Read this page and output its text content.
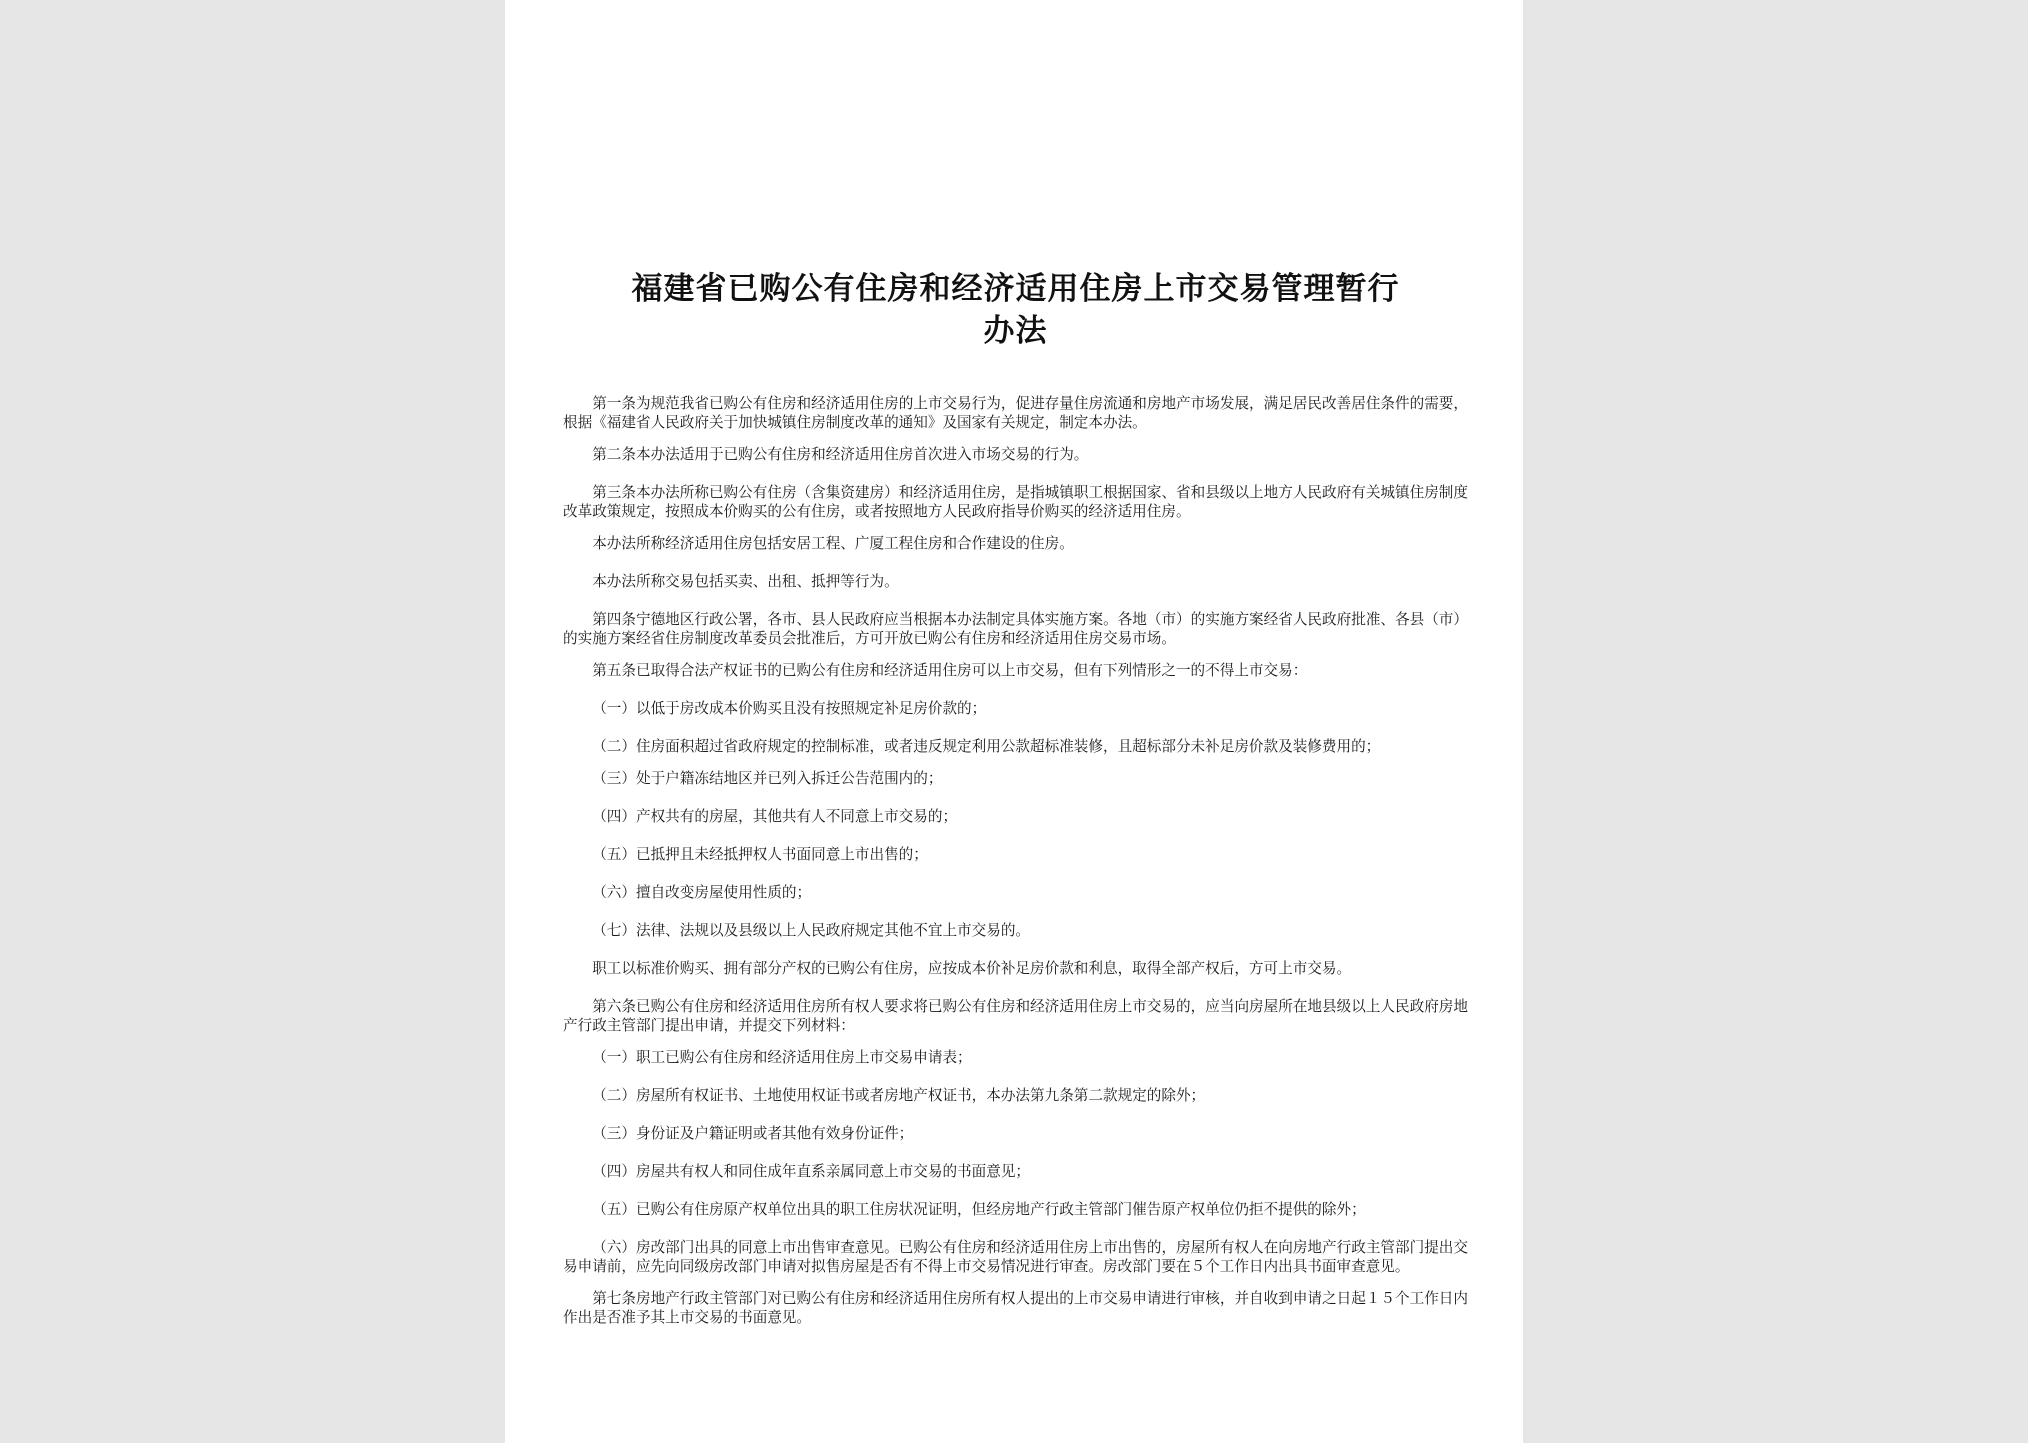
福建省已购公有住房和经济适用住房上市交易管理暂行
办法

第一条为规范我省已购公有住房和经济适用住房的上市交易行为，促进存量住房流通和房地产市场发展，满足居民改善居住条件的需要，根据《福建省人民政府关于加快城镇住房制度改革的通知》及国家有关规定，制定本办法。

第二条本办法适用于已购公有住房和经济适用住房首次进入市场交易的行为。

第三条本办法所称已购公有住房（含集资建房）和经济适用住房，是指城镇职工根据国家、省和县级以上地方人民政府有关城镇住房制度改革政策规定，按照成本价购买的公有住房，或者按照地方人民政府指导价购买的经济适用住房。

本办法所称经济适用住房包括安居工程、广厦工程住房和合作建设的住房。

本办法所称交易包括买卖、出租、抵押等行为。

第四条宁德地区行政公署，各市、县人民政府应当根据本办法制定具体实施方案。各地（市）的实施方案经省人民政府批准、各县（市）的实施方案经省住房制度改革委员会批准后，方可开放已购公有住房和经济适用住房交易市场。

第五条已取得合法产权证书的已购公有住房和经济适用住房可以上市交易，但有下列情形之一的不得上市交易：

（一）以低于房改成本价购买且没有按照规定补足房价款的；

（二）住房面积超过省政府规定的控制标准，或者违反规定利用公款超标准装修，且超标部分未补足房价款及装修费用的；

（三）处于户籍冻结地区并已列入拆迁公告范围内的；

（四）产权共有的房屋，其他共有人不同意上市交易的；

（五）已抵押且未经抵押权人书面同意上市出售的；

（六）擅自改变房屋使用性质的；

（七）法律、法规以及县级以上人民政府规定其他不宜上市交易的。

职工以标准价购买、拥有部分产权的已购公有住房，应按成本价补足房价款和利息，取得全部产权后，方可上市交易。

第六条已购公有住房和经济适用住房所有权人要求将已购公有住房和经济适用住房上市交易的，应当向房屋所在地县级以上人民政府房地产行政主管部门提出申请，并提交下列材料：

（一）职工已购公有住房和经济适用住房上市交易申请表；

（二）房屋所有权证书、土地使用权证书或者房地产权证书，本办法第九条第二款规定的除外；

（三）身份证及户籍证明或者其他有效身份证件；

（四）房屋共有权人和同住成年直系亲属同意上市交易的书面意见；

（五）已购公有住房原产权单位出具的职工住房状况证明，但经房地产行政主管部门催告原产权单位仍拒不提供的除外；

（六）房改部门出具的同意上市出售审查意见。已购公有住房和经济适用住房上市出售的，房屋所有权人在向房地产行政主管部门提出交易申请前，应先向同级房改部门申请对拟售房屋是否有不得上市交易情况进行审查。房改部门要在５个工作日内出具书面审查意见。

第七条房地产行政主管部门对已购公有住房和经济适用住房所有权人提出的上市交易申请进行审核，并自收到申请之日起１５个工作日内作出是否准予其上市交易的书面意见。
